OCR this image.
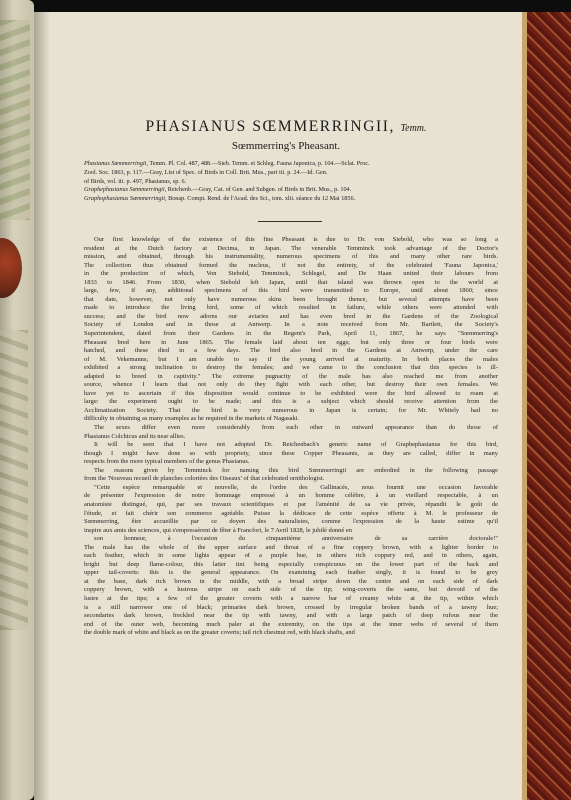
PHASIANUS SŒMMERRINGII, Temm.
Sœmmerring's Pheasant.
Phasianus Sœmmerringii, Temm. Pl. Col. 487, 488.—Sieb. Temm. et Schleg. Fauna Japonica, p. 104.—Sclat. Proc.
Zool. Soc. 1863, p. 117.—Gray, List of Spec. of Birds in Coll. Brit. Mus., part iii. p. 24.—Id. Gen.
of Birds, vol. iii. p. 497, Phasianus, sp. 6.
Graphephasianus Sœmmerringii, Reichenb.—Gray, Cat. of Gen. and Subgen. of Birds in Brit. Mus., p. 104.
Graphophasianus Sœmmerringii, Bonap. Compt. Rend. de l'Acad. des Sci., tom. xlii. séance du 12 Mai 1856.
Our first knowledge of the existence of this fine Pheasant is due to Dr. von Siebold, who was so long a
resident at the Dutch factory at Decima, in Japan. The venerable Temminck took advantage of the Doctor's
mission, and obtained, through his instrumentality, numerous specimens of this and many other rare birds.
The collection thus obtained formed the nucleus, if not the entirety, of the celebrated 'Fauna Japonica,'
in the production of which, Von Siebold, Temminck, Schlegel, and De Haan united their labours from
1833 to 1846. From 1830, when Siebold left Japan, until that island was thrown open to the world at
large, few, if any, additional specimens of this bird were transmitted to Europe, until about 1860; since
that date, however, not only have numerous skins been brought thence, but several attempts have been
made to introduce the living bird, some of which resulted in failure, while others were attended with
success; and the bird now adorns our aviaries and has even bred in the Gardens of the Zoological
Society of London and in those at Antwerp. In a note received from Mr. Bartlett, the Society's
Superintendent, dated from their Gardens in the Regent's Park, April 11, 1867, he says "Sœmmerring's
Pheasant bred here in June 1865. The female laid about ten eggs; but only three or four birds were
hatched, and these died in a few days. The bird also bred in the Gardens at Antwerp, under the care
of M. Vekemanns; but I am unable to say if the young arrived at maturity. In both places the males
exhibited a strong inclination to destroy the females; and we came to the conclusion that this species is ill-
adapted to breed in captivity." The extreme pugnacity of the male has also reached me from another
source, whence I learn that not only do they fight with each other, but destroy their own females. We
have yet to ascertain if this disposition would continue to be exhibited were the bird allowed to roam at
large: the experiment ought to be made; and this is a subject which should receive attention from the
Acclimatization Society. That the bird is very numerous in Japan is certain; for Mr. Whitely had no
difficulty in obtaining as many examples as he required in the markets of Nagasaki.
The sexes differ even more considerably from each other in outward appearance than do those of
Phasianus Colchicus and its near allies.
It will be seen that I have not adopted Dr. Reichenbach's generic name of Graphephasianus for this bird,
though I might have done so with propriety, since these Copper Pheasants, as they are called, differ in many
respects from the more typical members of the genus Phasianus.
The reasons given by Temminck for naming this bird Sœmmerringii are embodied in the following passage
from the 'Nouveau recueil de planches coloriées des Oiseaux' of that celebrated ornithologist.
"Cette espèce remarquable et nouvelle, de l'ordre des Gallinacés, nous fournit une occasion favorable
de présenter l'expression de notre hommage empressé à un homme célèbre, à un vieillard respectable, à un
anatomiste distingué, qui, par ses travaux scientifiques et par l'aménité de sa vie privée, répandit le goût de
l'étude, et fait chérir son commerce agréable. Puisse la dédicace de cette espèce offerte à M. le professeur de
Sœmmerring, être accueillie par ce doyen des naturalistes, comme l'expression de la haute estime qu'il
inspire aux amis des sciences, qui s'empressèrent de fêter à Francfort, le 7 Avril 1828, le jubilé donné en
son honneur, à l'occasion du cinquantième anniversaire de sa carrière doctorale!"
The male has the whole of the upper surface and throat of a fine coppery brown, with a lighter border to
each feather, which in some lights appear of a purple hue, in others rich coppery red, and in others, again,
bright but deep flame-colour, this latter tint being especially conspicuous on the lower part of the back and
upper tail-coverts: this is the general appearance. On examining each feather singly, it is found to be grey
at the base, dark rich brown in the middle, with a broad stripe down the centre and on each side of dark
coppery brown, with a lustrous stripe on each side of the tip; wing-coverts the same, but devoid of the
lustre at the tips; a few of the greater coverts with a narrow bar of creamy white at the tip, within which
is a still narrower one of black; primaries dark brown, crossed by irregular broken bands of a tawny hue;
secondaries dark brown, freckled near the tip with tawny, and with a large patch of deep rufous near the
end of the outer web, becoming much paler at the extremity, on the tips at the inner webs of several of them
the double mark of white and black as on the greater coverts; tail rich chestnut red, with black shafts, and
